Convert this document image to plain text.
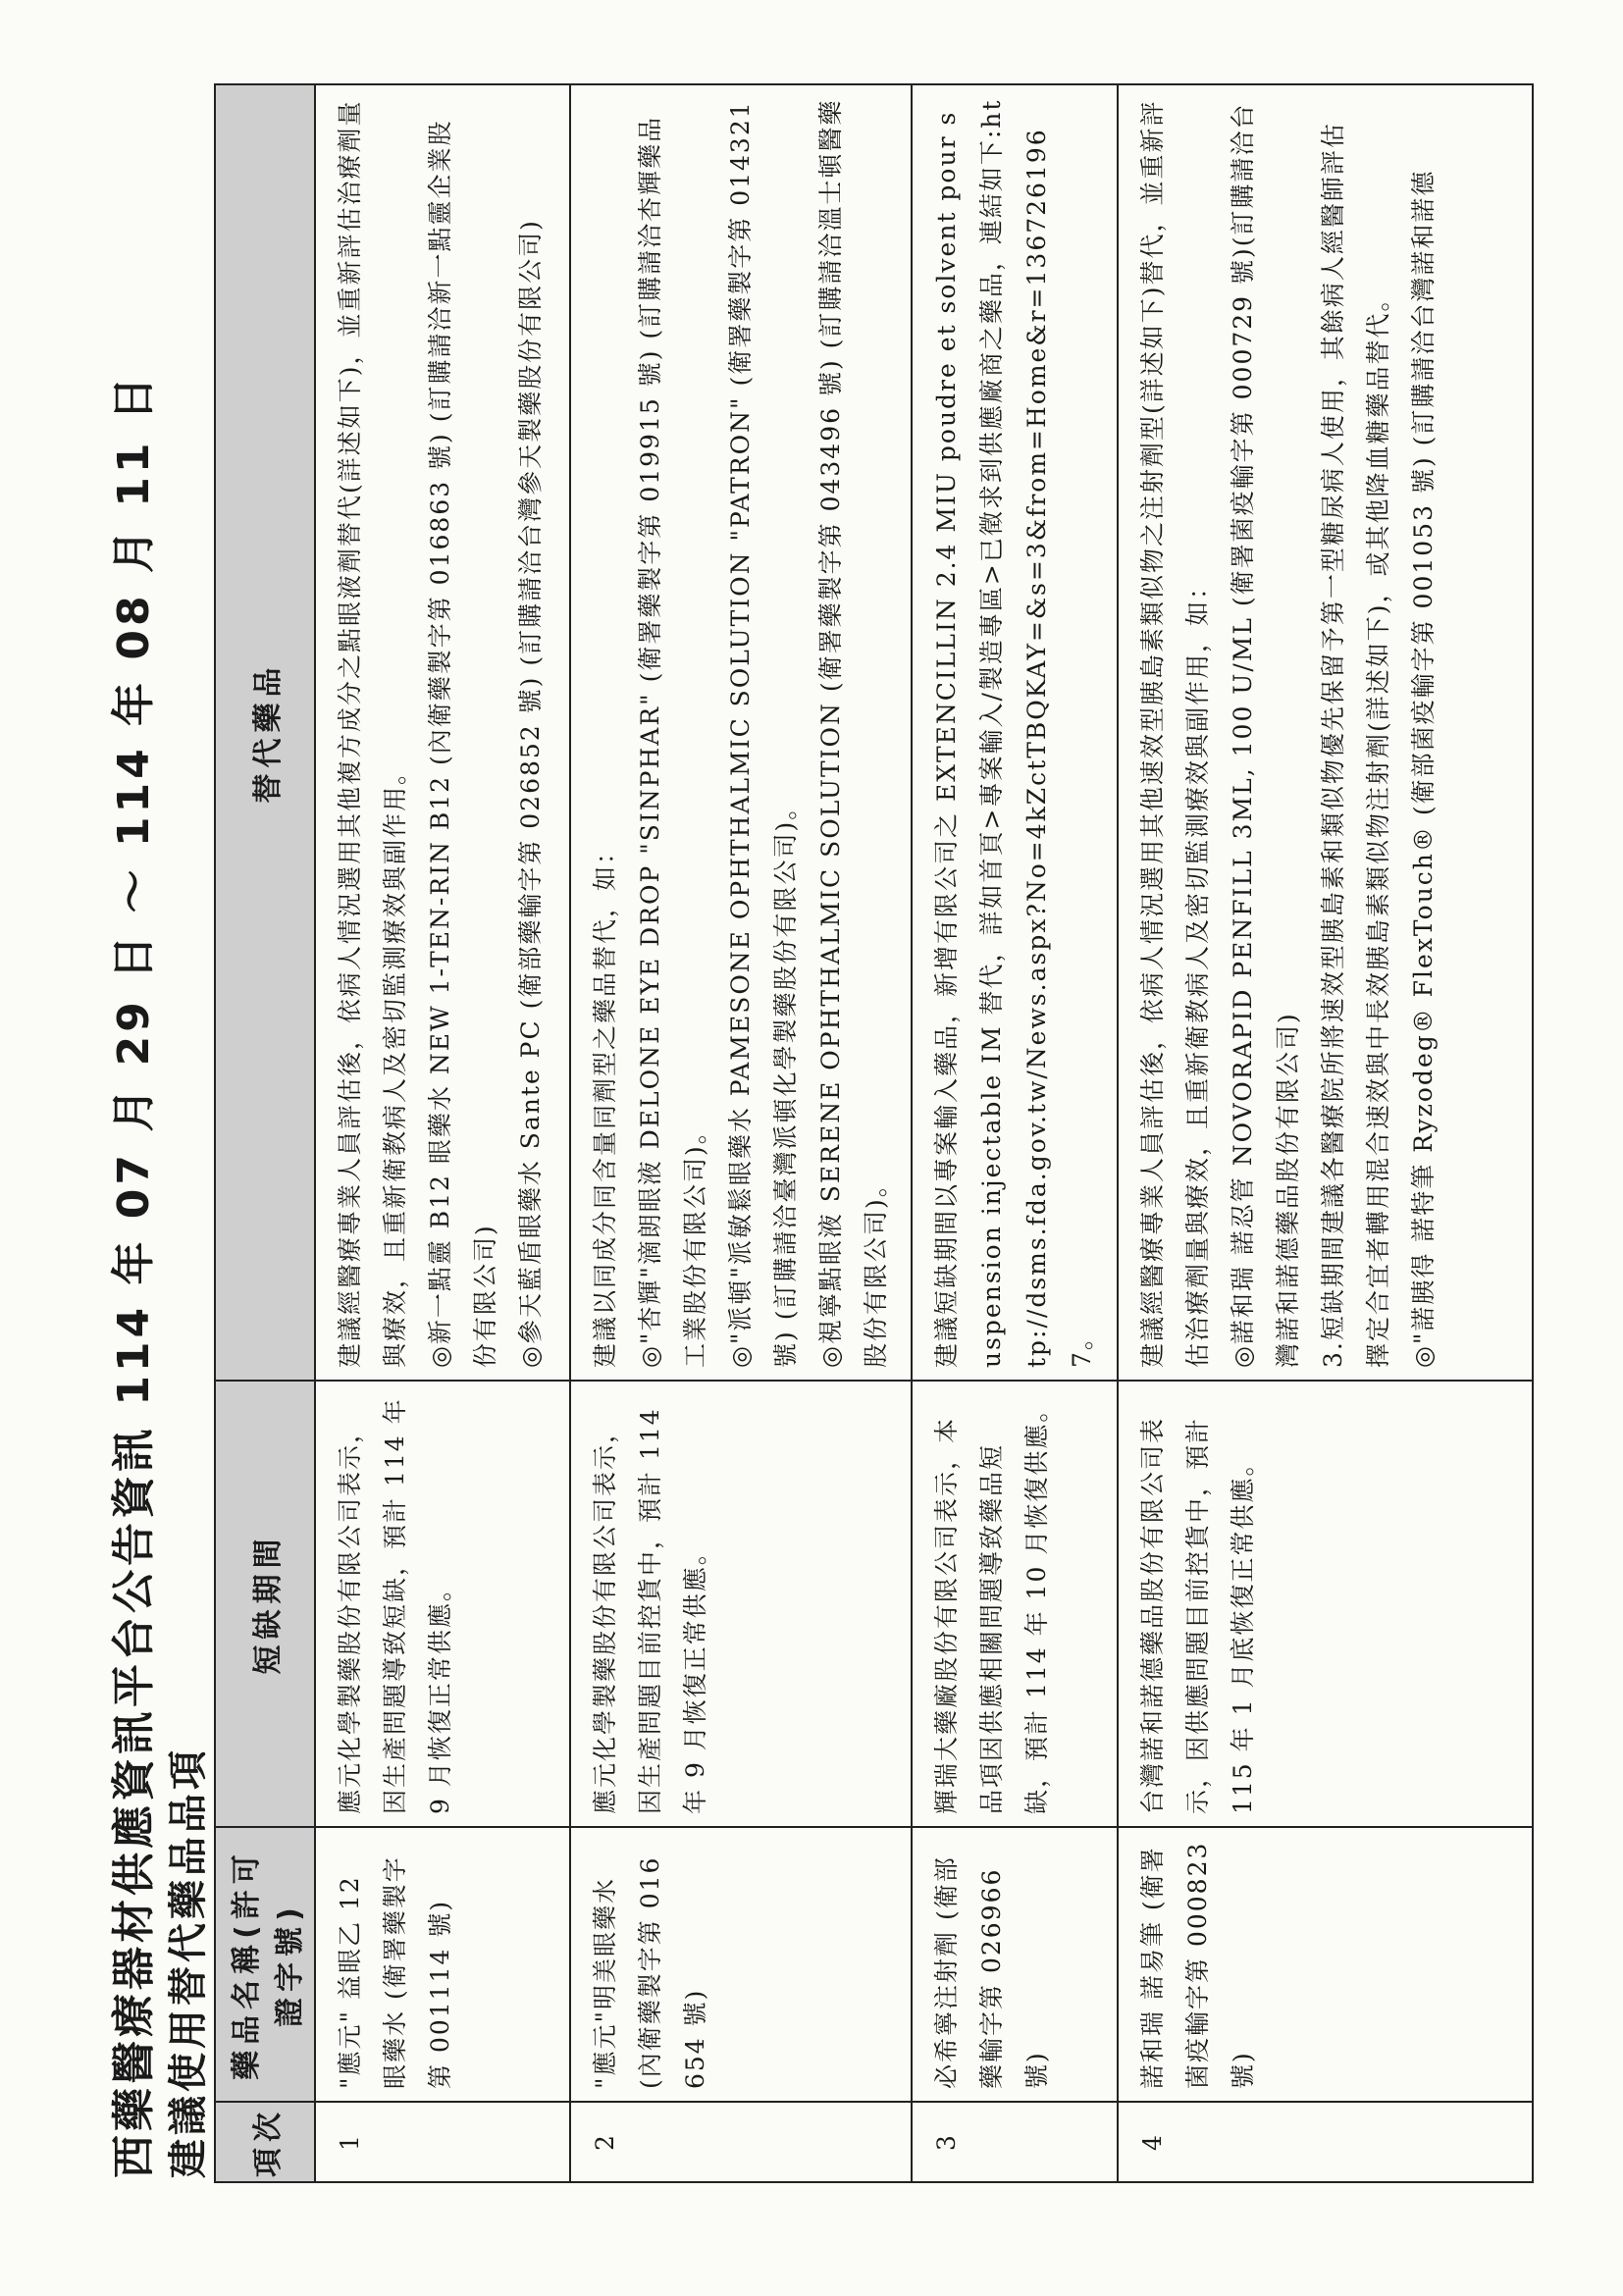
西藥醫療器材供應資訊平台公告資訊 114 年 07 月 29 日 ～ 114 年 08 月 11 日 建議使用替代藥品品項 項次	藥品名稱(許可證字號)	短缺期間	替代藥品
1	"應元" 益眼乙 12 眼藥水 (衛署藥製字第 001114 號)	應元化學製藥股份有限公司表示，因生產問題導致短缺，預計 114 年 9 月恢復正常供應。	建議經醫療專業人員評估後，依病人情況選用其他複方成分之點眼液劑替代(詳述如下)，並重新評估治療劑量與療效，且重新衛教病人及密切監測療效與副作用。 ◎新一點靈 B12 眼藥水 NEW 1-TEN-RIN B12 (內衛藥製字第 016863 號) (訂購請洽新一點靈企業股份有限公司) ◎參天藍盾眼藥水 Sante PC (衛部藥輸字第 026852 號) (訂購請洽台灣參天製藥股份有限公司)

2	"應元"明美眼藥水 (內衛藥製字第 016654 號)	應元化學製藥股份有限公司表示，因生產問題目前控貨中，預計 114 年 9 月恢復正常供應。	建議以同成分同含量同劑型之藥品替代，如： ◎"杏輝"滴朗眼液 DELONE EYE DROP "SINPHAR" (衛署藥製字第 019915 號) (訂購請洽杏輝藥品工業股份有限公司)。 ◎"派頓"派敏鬆眼藥水 PAMESONE OPHTHALMIC SOLUTION "PATRON" (衛署藥製字第 014321 號) (訂購請洽臺灣派頓化學製藥股份有限公司)。 ◎視寧點眼液 SERENE OPHTHALMIC SOLUTION (衛署藥製字第 043496 號) (訂購請洽溫士頓醫藥股份有限公司)。

3	必希寧注射劑 (衛部藥輸字第 026966 號)	輝瑞大藥廠股份有限公司表示，本品項因供應相關問題導致藥品短缺，預計 114 年 10 月恢復供應。	建議短缺期間以專案輸入藥品，新增有限公司之 EXTENCILLIN 2.4 MIU poudre et solvent pour suspension injectable IM 替代，詳如首頁>專案輸入/製造專區>已徵求到供應廠商之藥品，連結如下:http://dsms.fda.gov.tw/News.aspx?No=4kZctTBQKAY=&s=3&from=Home&r=1367261967。

4	諾和瑞 諾易筆 (衛署菌疫輸字第 000823 號)	台灣諾和諾德藥品股份有限公司表示，因供應問題目前控貨中，預計 115 年 1 月底恢復正常供應。	建議經醫療專業人員評估後，依病人情況選用其他速效型胰島素類似物之注射劑型(詳述如下)替代，並重新評估治療劑量與療效，且重新衛教病人及密切監測療效與副作用，如： ◎諾和瑞 諾忍管 NOVORAPID PENFILL 3ML, 100 U/ML (衛署菌疫輸字第 000729 號)(訂購請洽台灣諾和諾德藥品股份有限公司) 3.短缺期間建議各醫療院所將速效型胰島素和類似物優先保留予第一型糖尿病人使用，其餘病人經醫師評估擇定合宜者轉用混合速效與中長效胰島素類似物注射劑(詳述如下)，或其他降血糖藥品替代。 ◎"諾胰得 諾特筆 Ryzodeg® FlexTouch® (衛部菌疫輸字第 001053 號) (訂購請洽台灣諾和諾德
